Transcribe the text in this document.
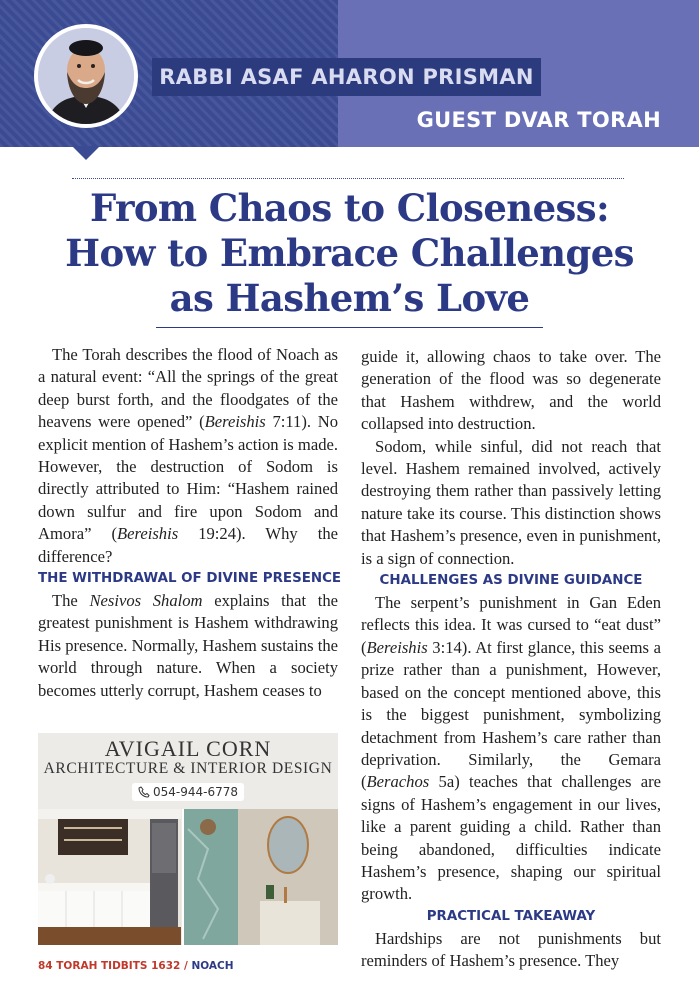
RABBI ASAF AHARON PRISMAN
GUEST DVAR TORAH
From Chaos to Closeness:
How to Embrace Challenges
as Hashem’s Love

The Torah describes the flood of Noach as a natural event: “All the springs of the great deep burst forth, and the floodgates of the heavens were opened” (Bereishis 7:11). No explicit mention of Hashem’s action is made. However, the destruction of Sodom is directly attributed to Him: “Hashem rained down sulfur and fire upon Sodom and Amora” (Bereishis 19:24). Why the difference?

THE WITHDRAWAL OF DIVINE PRESENCE

The Nesivos Shalom explains that the greatest punishment is Hashem withdrawing His presence. Normally, Hashem sustains the world through nature. When a society becomes utterly corrupt, Hashem ceases to

AVIGAIL CORN
ARCHITECTURE & INTERIOR DESIGN
054-944-6778

guide it, allowing chaos to take over. The generation of the flood was so degenerate that Hashem withdrew, and the world collapsed into destruction.

Sodom, while sinful, did not reach that level. Hashem remained involved, actively destroying them rather than passively letting nature take its course. This distinction shows that Hashem’s presence, even in punishment, is a sign of connection.

CHALLENGES AS DIVINE GUIDANCE

The serpent’s punishment in Gan Eden reflects this idea. It was cursed to “eat dust” (Bereishis 3:14). At first glance, this seems a prize rather than a punishment, However, based on the concept mentioned above, this is the biggest punishment, symbolizing detachment from Hashem’s care rather than deprivation. Similarly, the Gemara (Berachos 5a) teaches that challenges are signs of Hashem’s engagement in our lives, like a parent guiding a child. Rather than being abandoned, difficulties indicate Hashem’s presence, shaping our spiritual growth.

PRACTICAL TAKEAWAY

Hardships are not punishments but reminders of Hashem’s presence. They

84 TORAH TIDBITS 1632 / NOACH
